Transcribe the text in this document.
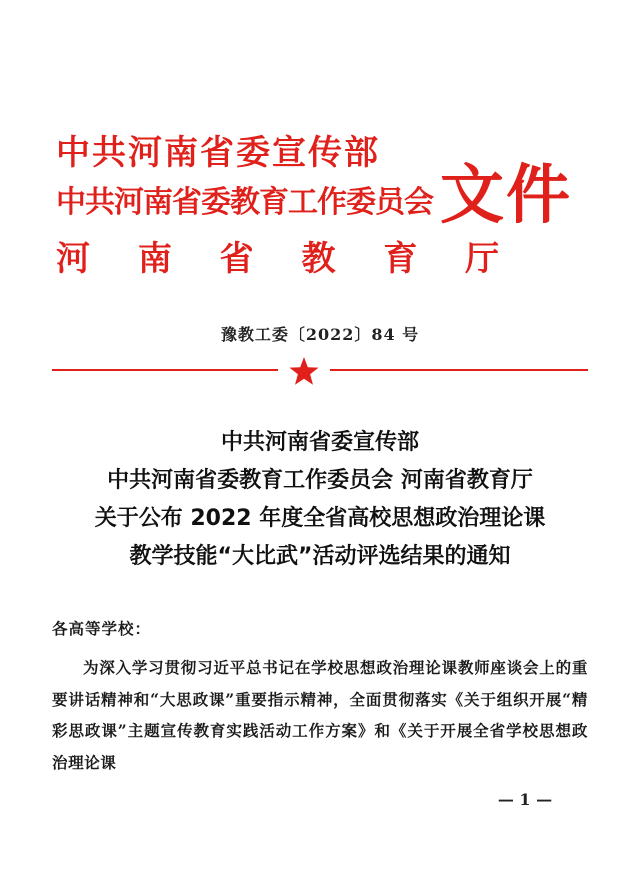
中共河南省委宣传部
中共河南省委教育工作委员会
河 南 省 教 育 厅
文件
豫教工委〔2022〕84 号
中共河南省委宣传部
中共河南省委教育工作委员会 河南省教育厅
关于公布 2022 年度全省高校思想政治理论课
教学技能“大比武”活动评选结果的通知
各高等学校：
为深入学习贯彻习近平总书记在学校思想政治理论课教师座谈会上的重要讲话精神和“大思政课”重要指示精神，全面贯彻落实《关于组织开展“精彩思政课”主题宣传教育实践活动工作方案》和《关于开展全省学校思想政治理论课
— 1 —
